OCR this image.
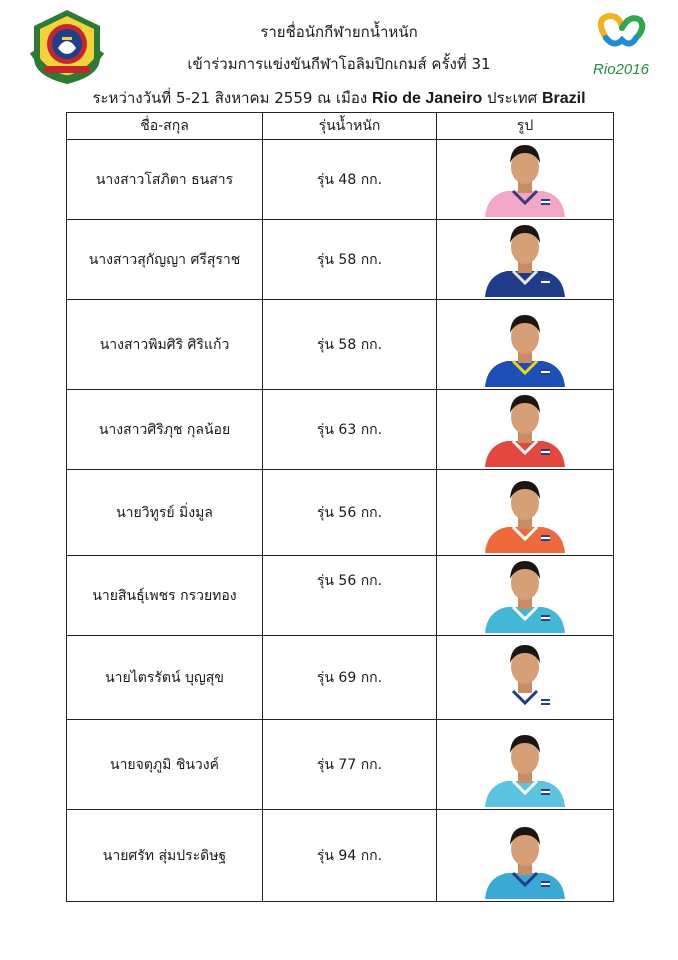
Rio2016
รายชื่อนักกีฬายกน้ำหนัก
เข้าร่วมการแข่งขันกีฬาโอลิมปิกเกมส์ ครั้งที่ 31
ระหว่างวันที่ 5-21 สิงหาคม 2559 ณ เมือง Rio de Janeiro ประเทศ Brazil
ชื่อ-สกุล	รุ่นน้ำหนัก	รูป
นางสาวโสภิตา ธนสาร	รุ่น 48 กก.	

นางสาวสุกัญญา ศรีสุราช	รุ่น 58 กก.	

นางสาวพิมศิริ ศิริแก้ว	รุ่น 58 กก.	

นางสาวศิริภุช กุลน้อย	รุ่น 63 กก.	

นายวิทูรย์ มิ่งมูล	รุ่น 56 กก.	

นายสินธุ์เพชร กรวยทอง	รุ่น 56 กก.	

นายไตรรัตน์ บุญสุข	รุ่น 69 กก.	

นายจตุภูมิ ชินวงค์	รุ่น 77 กก.	

นายศรัท สุ่มประดิษฐ	รุ่น 94 กก.	
